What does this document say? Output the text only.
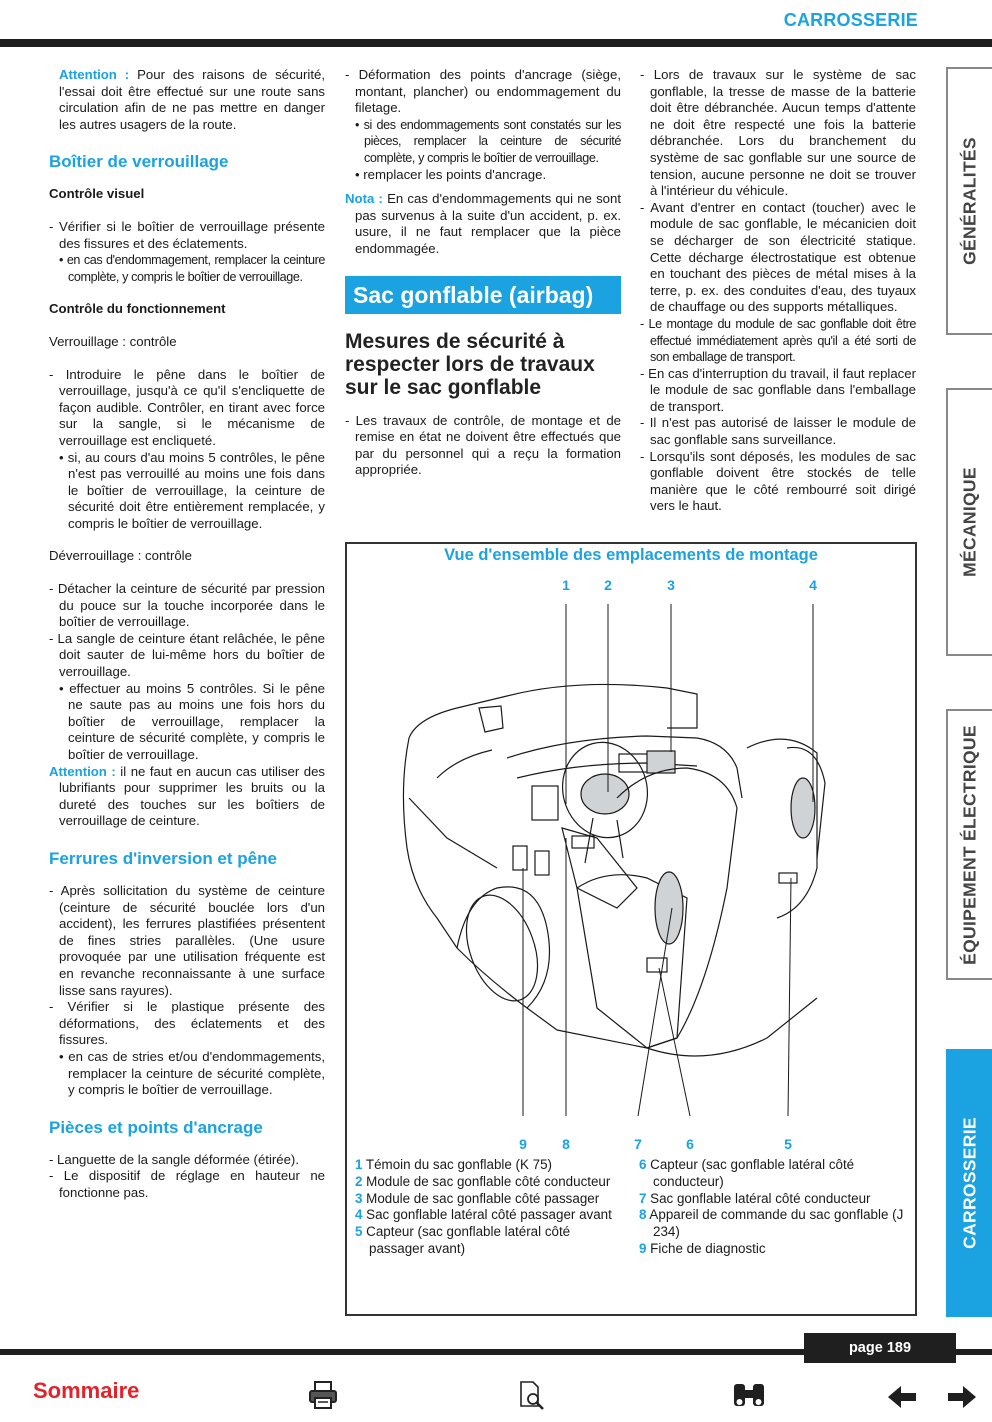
CARROSSERIE
GÉNÉRALITÉS
MÉCANIQUE
ÉQUIPEMENT ÉLECTRIQUE
CARROSSERIE

Attention : Pour des raisons de sécurité, l'essai doit être effectué sur une route sans circulation afin de ne pas mettre en danger les autres usagers de la route.

Boîtier de verrouillage

Contrôle visuel

- Vérifier si le boîtier de verrouillage présente des fissures et des éclatements.

• en cas d'endommagement, remplacer la ceinture complète, y compris le boîtier de verrouillage.

Contrôle du fonctionnement

Verrouillage : contrôle

- Introduire le pêne dans le boîtier de verrouillage, jusqu'à ce qu'il s'encliquette de façon audible. Contrôler, en tirant avec force sur la sangle, si le mécanisme de verrouillage est encliqueté.

• si, au cours d'au moins 5 contrôles, le pêne n'est pas verrouillé au moins une fois dans le boîtier de verrouillage, la ceinture de sécurité doit être entièrement remplacée, y compris le boîtier de verrouillage.

Déverrouillage : contrôle

- Détacher la ceinture de sécurité par pression du pouce sur la touche incorporée dans le boîtier de verrouillage.

- La sangle de ceinture étant relâchée, le pêne doit sauter de lui-même hors du boîtier de verrouillage.

• effectuer au moins 5 contrôles. Si le pêne ne saute pas au moins une fois hors du boîtier de verrouillage, remplacer la ceinture de sécurité complète, y compris le boîtier de verrouillage.

Attention : il ne faut en aucun cas utiliser des lubrifiants pour supprimer les bruits ou la dureté des touches sur les boîtiers de verrouillage de ceinture.

Ferrures d'inversion et pêne

- Après sollicitation du système de ceinture (ceinture de sécurité bouclée lors d'un accident), les ferrures plastifiées présentent de fines stries parallèles. (Une usure provoquée par une utilisation fréquente est en revanche reconnaissante à une surface lisse sans rayures).

- Vérifier si le plastique présente des déformations, des éclatements et des fissures.

• en cas de stries et/ou d'endommagements, remplacer la ceinture de sécurité complète, y compris le boîtier de verrouillage.

Pièces et points d'ancrage

- Languette de la sangle déformée (étirée).

- Le dispositif de réglage en hauteur ne fonctionne pas.

- Déformation des points d'ancrage (siège, montant, plancher) ou endommagement du filetage.

• si des endommagements sont constatés sur les pièces, remplacer la ceinture de sécurité complète, y compris le boîtier de verrouillage.

• remplacer les points d'ancrage.

Nota : En cas d'endommagements qui ne sont pas survenus à la suite d'un accident, p. ex. usure, il ne faut remplacer que la pièce endommagée.

Sac gonflable (airbag)
Mesures de sécurité à respecter lors de travaux sur le sac gonflable

- Les travaux de contrôle, de montage et de remise en état ne doivent être effectués que par du personnel qui a reçu la formation appropriée.

- Lors de travaux sur le système de sac gonflable, la tresse de masse de la batterie doit être débranchée. Aucun temps d'attente ne doit être respecté une fois la batterie débranchée. Lors du branchement du système de sac gonflable sur une source de tension, aucune personne ne doit se trouver à l'intérieur du véhicule.

- Avant d'entrer en contact (toucher) avec le module de sac gonflable, le mécanicien doit se décharger de son électricité statique. Cette décharge électrostatique est obtenue en touchant des pièces de métal mises à la terre, p. ex. des conduites d'eau, des tuyaux de chauffage ou des supports métalliques.

- Le montage du module de sac gonflable doit être effectué immédiatement après qu'il a été sorti de son emballage de transport.

- En cas d'interruption du travail, il faut replacer le module de sac gonflable dans l'emballage de transport.

- Il n'est pas autorisé de laisser le module de sac gonflable sans surveillance.

- Lorsqu'ils sont déposés, les modules de sac gonflable doivent être stockés de telle manière que le côté rembourré soit dirigé vers le haut.

Vue d'ensemble des emplacements de montage
1 2	3	4
9	8	7	6	5
1 Témoin du sac gonflable (K 75)
2 Module de sac gonflable côté conducteur
3 Module de sac gonflable côté passager
4 Sac gonflable latéral côté passager avant
5 Capteur (sac gonflable latéral côté passager avant)
6 Capteur (sac gonflable latéral côté conducteur)
7 Sac gonflable latéral côté conducteur
8 Appareil de commande du sac gonflable (J 234)
9 Fiche de diagnostic
page 189
Sommaire
